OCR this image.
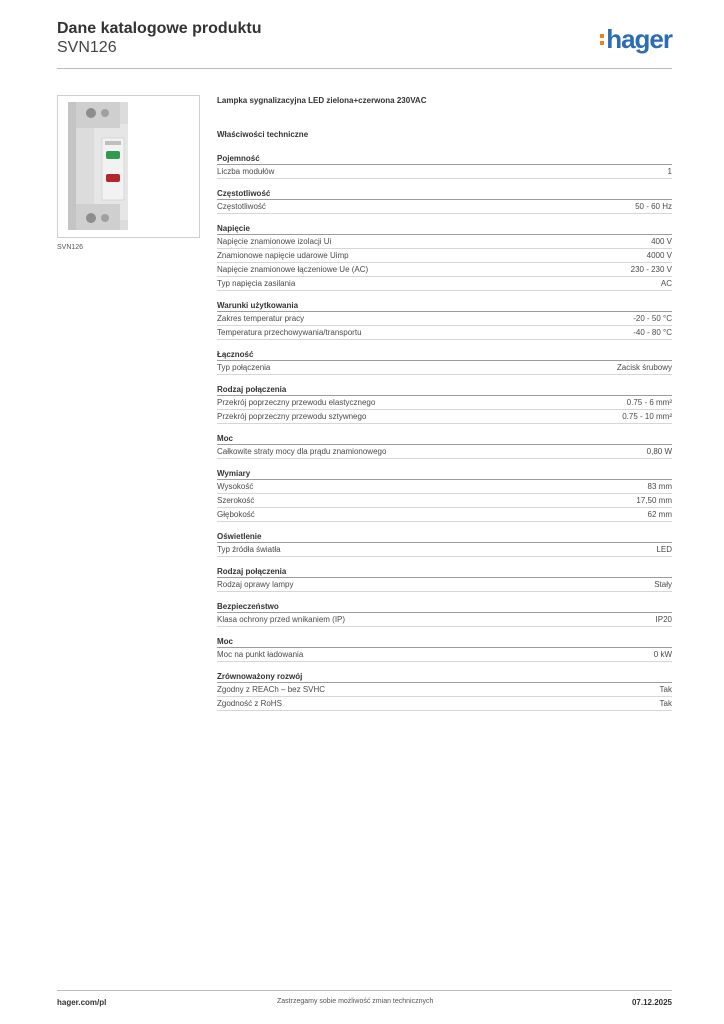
Dane katalogowe produktu
SVN126	hager
SVN126
Lampka sygnalizacyjna LED zielona+czerwona 230VAC
Właściwości techniczne
Pojemność
Liczba modułów	1
Częstotliwość
Częstotliwość	50 - 60 Hz
Napięcie
Napięcie znamionowe izolacji Ui	400 V
Znamionowe napięcie udarowe Uimp	4000 V
Napięcie znamionowe łączeniowe Ue (AC)	230 - 230 V
Typ napięcia zasilania	AC
Warunki użytkowania
Zakres temperatur pracy	-20 - 50 °C
Temperatura przechowywania/transportu	-40 - 80 °C
Łączność
Typ połączenia	Zacisk śrubowy
Rodzaj połączenia
Przekrój poprzeczny przewodu elastycznego	0.75 - 6 mm²
Przekrój poprzeczny przewodu sztywnego	0.75 - 10 mm²
Moc
Całkowite straty mocy dla prądu znamionowego	0,80 W
Wymiary
Wysokość	83 mm
Szerokość	17,50 mm
Głębokość	62 mm
Oświetlenie
Typ źródła światła	LED
Rodzaj połączenia
Rodzaj oprawy lampy	Stały
Bezpieczeństwo
Klasa ochrony przed wnikaniem (IP)	IP20
Moc
Moc na punkt ładowania	0 kW
Zrównoważony rozwój
Zgodny z REACh – bez SVHC	Tak
Zgodność z RoHS	Tak
hager.com/pl	Zastrzegamy sobie możliwość zmian technicznych	07.12.2025
